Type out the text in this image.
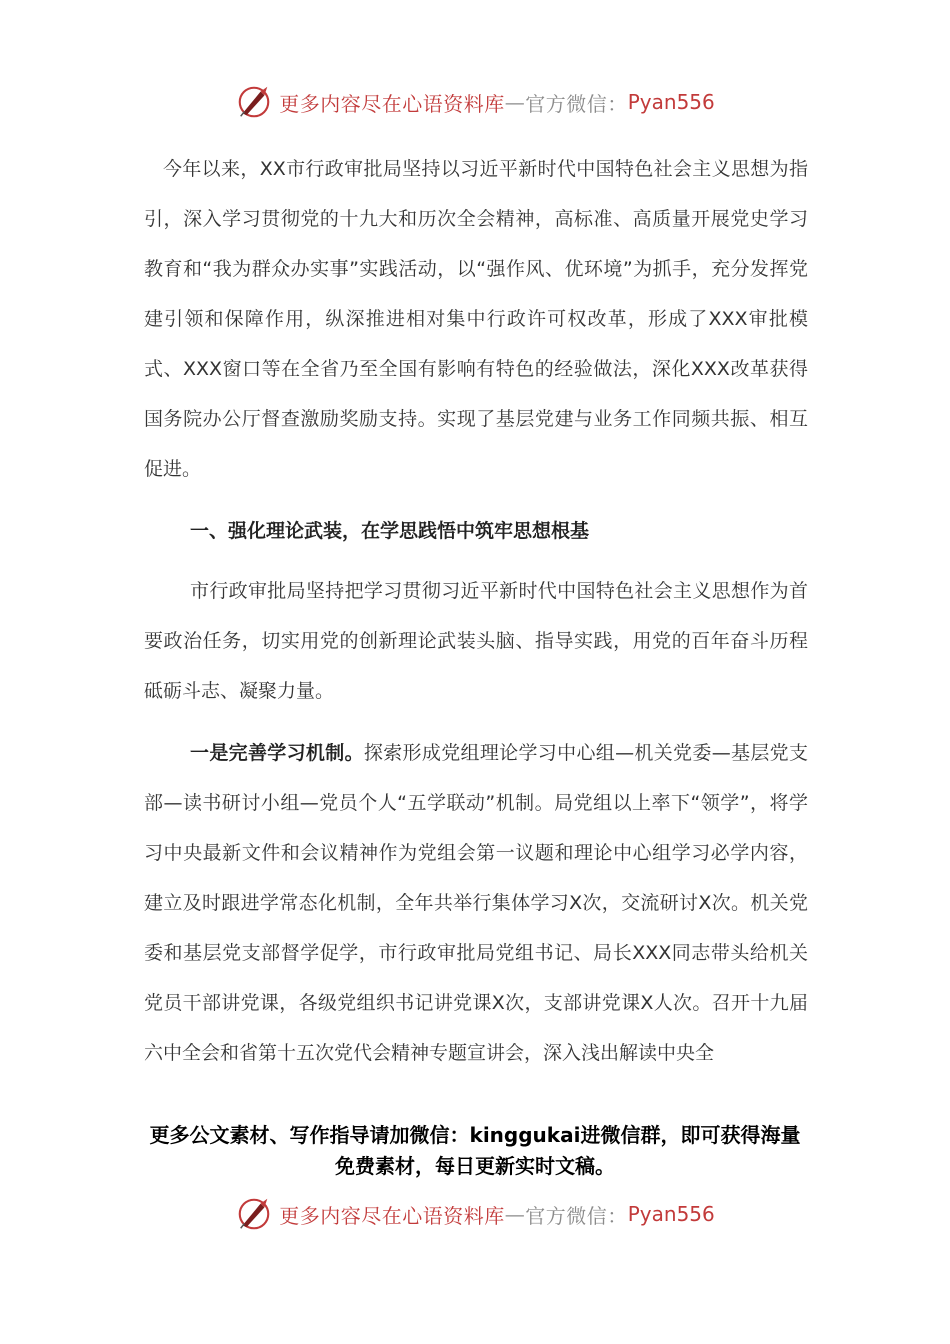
更多内容尽在心语资料库 — 官方微信： Pyan556
今年以来，XX市行政审批局坚持以习近平新时代中国特色社会主义思想为指引，深入学习贯彻党的十九大和历次全会精神，高标准、高质量开展党史学习教育和“我为群众办实事”实践活动，以“强作风、优环境”为抓手，充分发挥党建引领和保障作用，纵深推进相对集中行政许可权改革，形成了XXX审批模式、XXX窗口等在全省乃至全国有影响有特色的经验做法，深化XXX改革获得国务院办公厅督查激励奖励支持。实现了基层党建与业务工作同频共振、相互促进。
一、强化理论武装，在学思践悟中筑牢思想根基
市行政审批局坚持把学习贯彻习近平新时代中国特色社会主义思想作为首要政治任务，切实用党的创新理论武装头脑、指导实践，用党的百年奋斗历程砥砺斗志、凝聚力量。
一是完善学习机制。探索形成党组理论学习中心组—机关党委—基层党支部—读书研讨小组—党员个人“五学联动”机制。局党组以上率下“领学”，将学习中央最新文件和会议精神作为党组会第一议题和理论中心组学习必学内容，建立及时跟进学常态化机制，全年共举行集体学习X次，交流研讨X次。机关党委和基层党支部督学促学，市行政审批局党组书记、局长XXX同志带头给机关党员干部讲党课，各级党组织书记讲党课X次，支部讲党课X人次。召开十九届六中全会和省第十五次党代会精神专题宣讲会，深入浅出解读中央全
更多公文素材、写作指导请加微信：kinggukai进微信群，即可获得海量免费素材，每日更新实时文稿。
更多内容尽在心语资料库 — 官方微信： Pyan556
